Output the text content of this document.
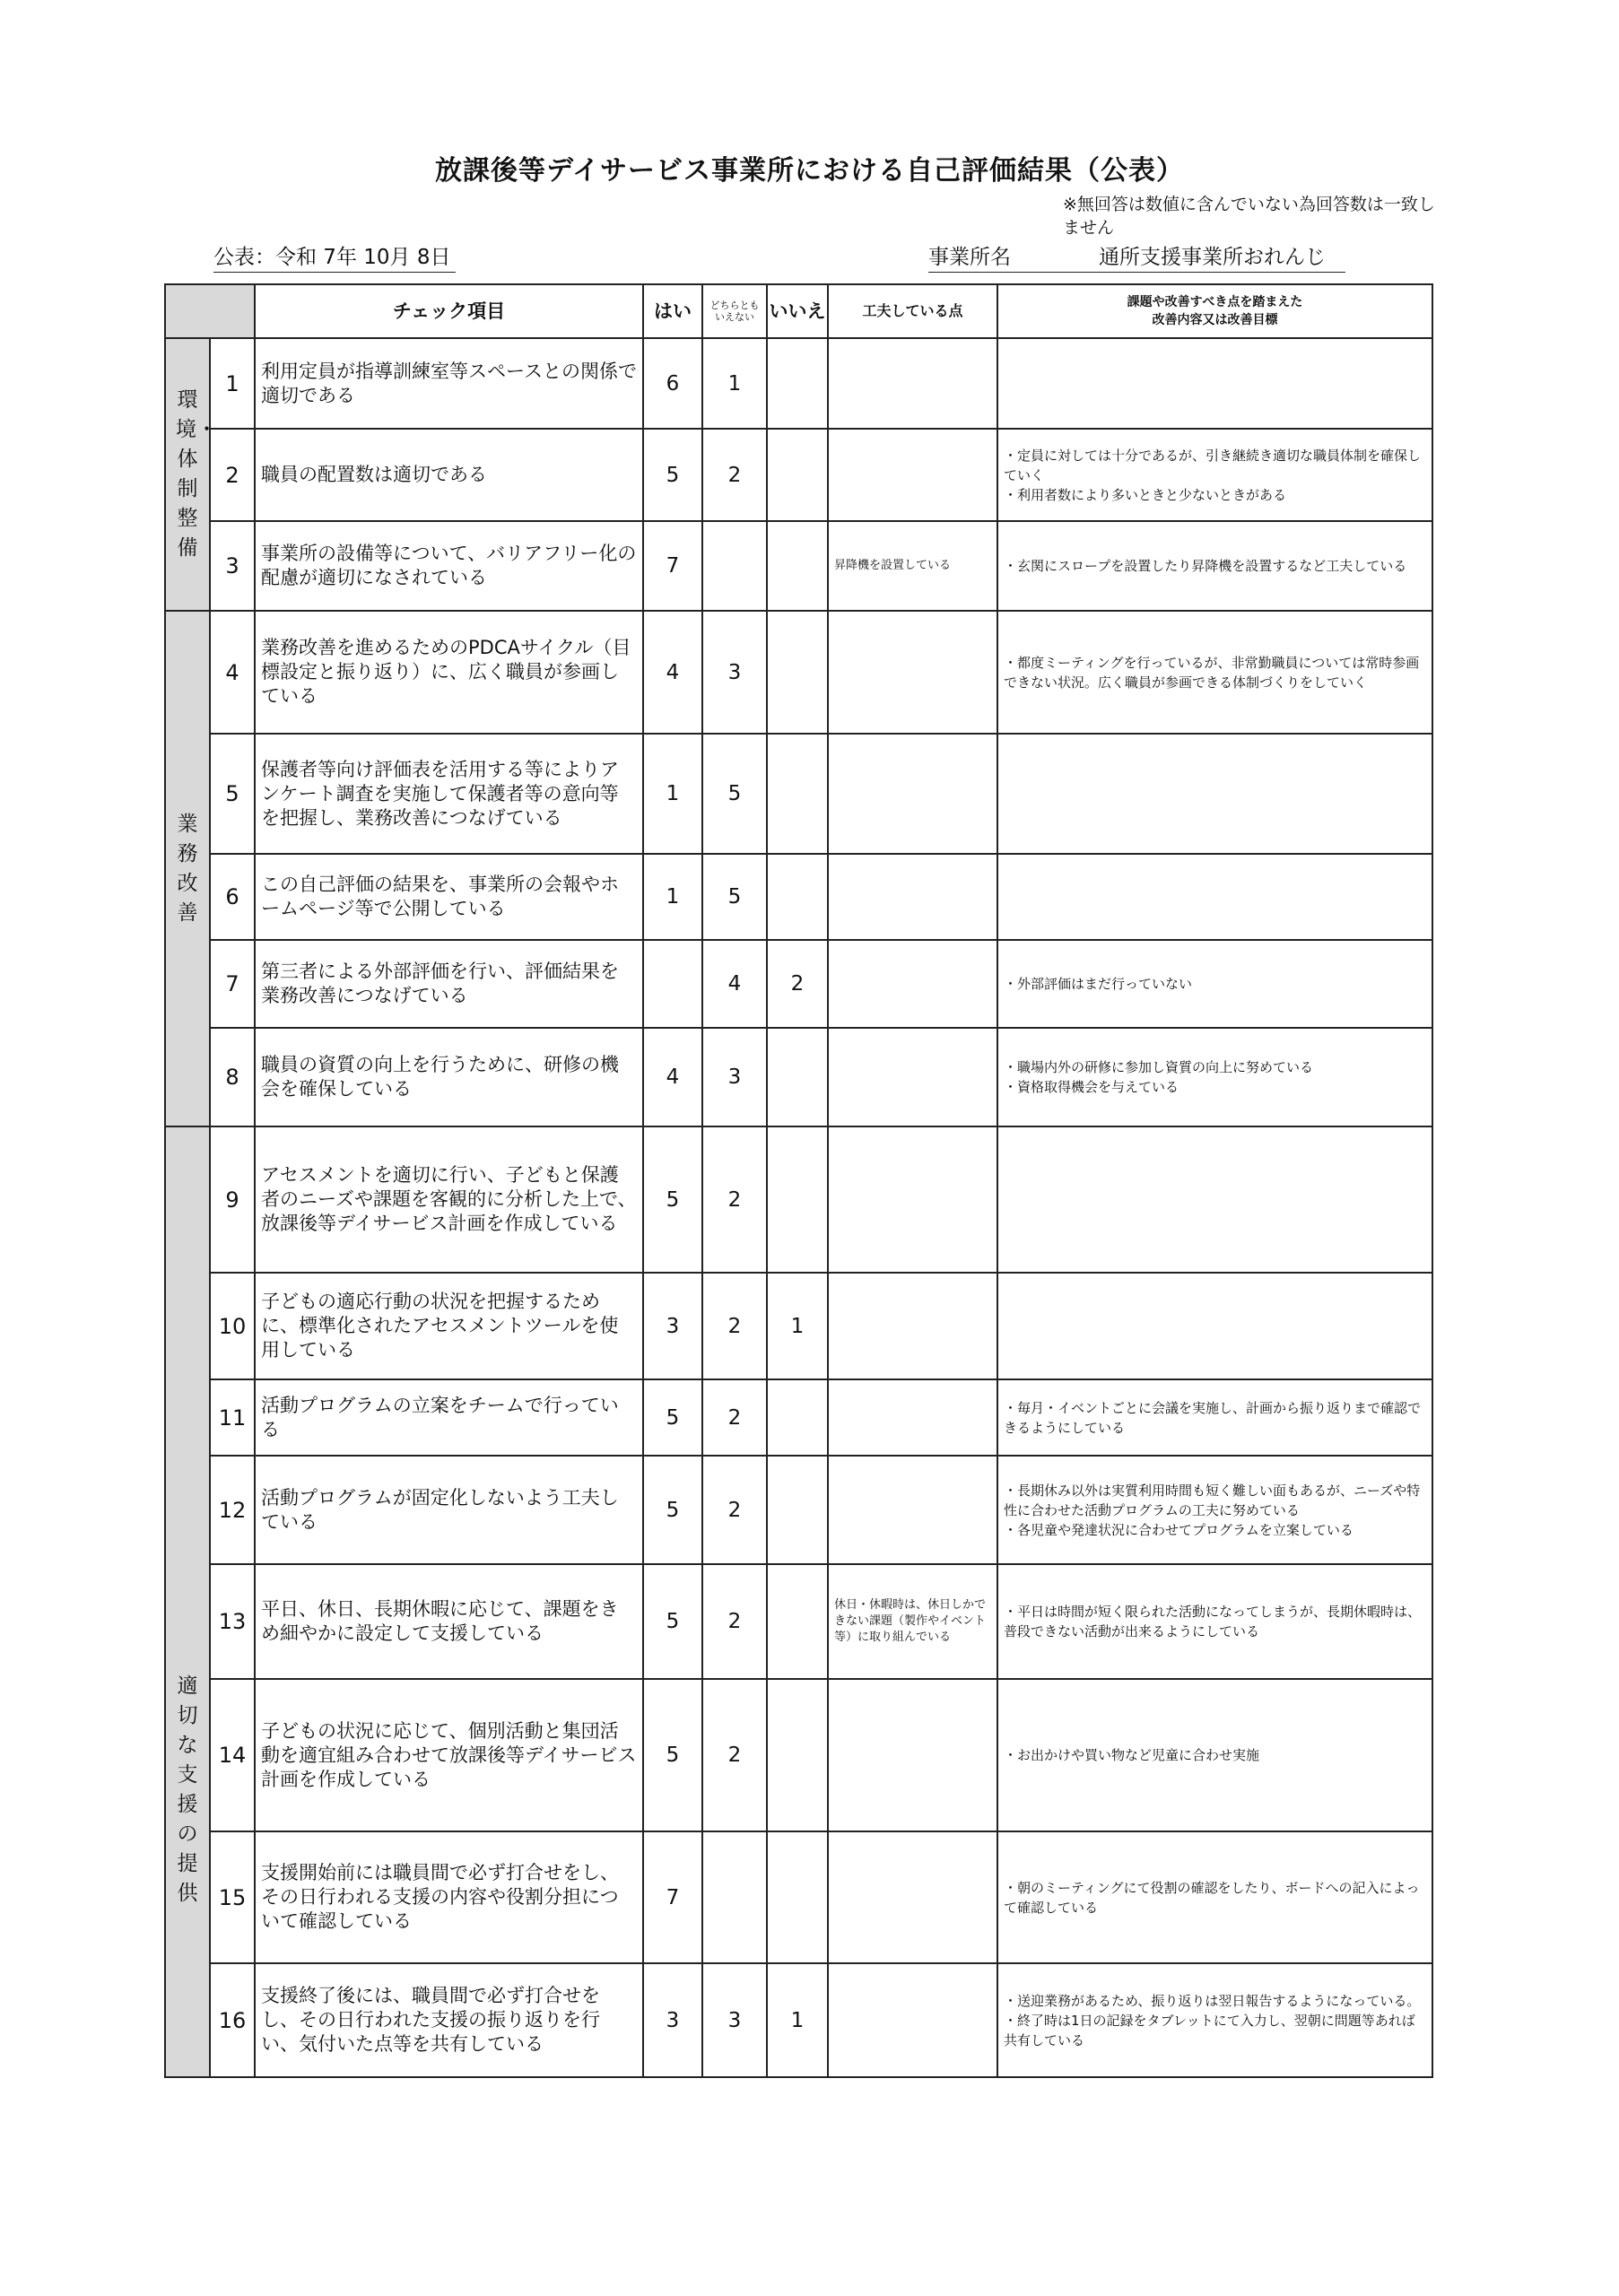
放課後等デイサービス事業所における自己評価結果（公表）
※無回答は数値に含んでいない為回答数は一致しません
公表：令和 7年 10月 8日	事業所名	通所支援事業所おれんじ
		チェック項目	はい	どちらとも
いえない	いいえ	工夫している点	課題や改善すべき点を踏まえた
改善内容又は改善目標
環境・体制整備	1	利用定員が指導訓練室等スペースとの関係で適切である	6	1			
	2	職員の配置数は適切である	5	2			・定員に対しては十分であるが、引き継続き適切な職員体制を確保していく
・利用者数により多いときと少ないときがある
	3	事業所の設備等について、バリアフリー化の配慮が適切になされている	7			昇降機を設置している	・玄関にスロープを設置したり昇降機を設置するなど工夫している
業務改善	4	業務改善を進めるためのPDCAサイクル（目標設定と振り返り）に、広く職員が参画している	4	3			・都度ミーティングを行っているが、非常勤職員については常時参画できない状況。広く職員が参画できる体制づくりをしていく
	5	保護者等向け評価表を活用する等によりアンケート調査を実施して保護者等の意向等を把握し、業務改善につなげている	1	5			
	6	この自己評価の結果を、事業所の会報やホームページ等で公開している	1	5			
	7	第三者による外部評価を行い、評価結果を業務改善につなげている		4	2		・外部評価はまだ行っていない
	8	職員の資質の向上を行うために、研修の機会を確保している	4	3			・職場内外の研修に参加し資質の向上に努めている
・資格取得機会を与えている
適切な支援の提供	9	アセスメントを適切に行い、子どもと保護者のニーズや課題を客観的に分析した上で、放課後等デイサービス計画を作成している	5	2			
	10	子どもの適応行動の状況を把握するために、標準化されたアセスメントツールを使用している	3	2	1		
	11	活動プログラムの立案をチームで行っている	5	2			・毎月・イベントごとに会議を実施し、計画から振り返りまで確認できるようにしている
	12	活動プログラムが固定化しないよう工夫している	5	2			・長期休み以外は実質利用時間も短く難しい面もあるが、ニーズや特性に合わせた活動プログラムの工夫に努めている
・各児童や発達状況に合わせてプログラムを立案している
	13	平日、休日、長期休暇に応じて、課題をきめ細やかに設定して支援している	5	2		休日・休暇時は、休日しかできない課題（製作やイベント等）に取り組んでいる	・平日は時間が短く限られた活動になってしまうが、長期休暇時は、普段できない活動が出来るようにしている
	14	子どもの状況に応じて、個別活動と集団活動を適宜組み合わせて放課後等デイサービス計画を作成している	5	2			・お出かけや買い物など児童に合わせ実施
	15	支援開始前には職員間で必ず打合せをし、その日行われる支援の内容や役割分担について確認している	7				・朝のミーティングにて役割の確認をしたり、ボードへの記入によって確認している
	16	支援終了後には、職員間で必ず打合せをし、その日行われた支援の振り返りを行い、気付いた点等を共有している	3	3	1		・送迎業務があるため、振り返りは翌日報告するようになっている。
・終了時は1日の記録をタブレットにて入力し、翌朝に問題等あれば共有している
